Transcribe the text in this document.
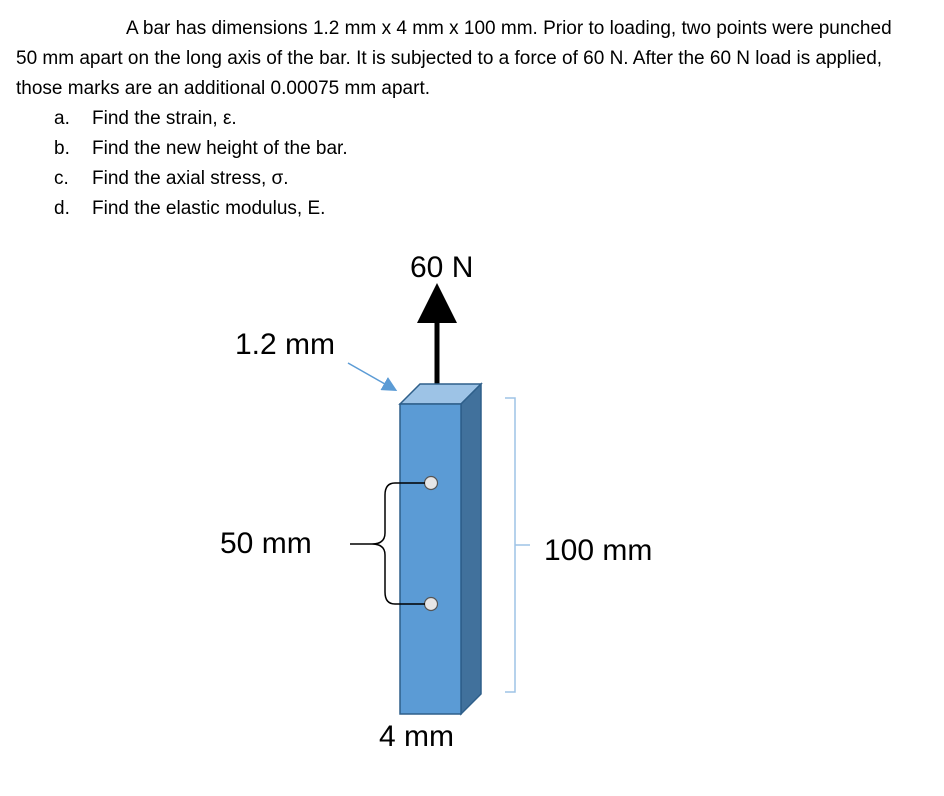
A bar has dimensions 1.2 mm x 4 mm x 100 mm. Prior to loading, two points were punched 50 mm apart on the long axis of the bar. It is subjected to a force of 60 N. After the 60 N load is applied, those marks are an additional 0.00075 mm apart.

a. Find the strain, ε.
b. Find the new height of the bar.
c. Find the axial stress, σ.
d. Find the elastic modulus, E.
60 N
1.2 mm
50 mm	100 mm
4 mm
